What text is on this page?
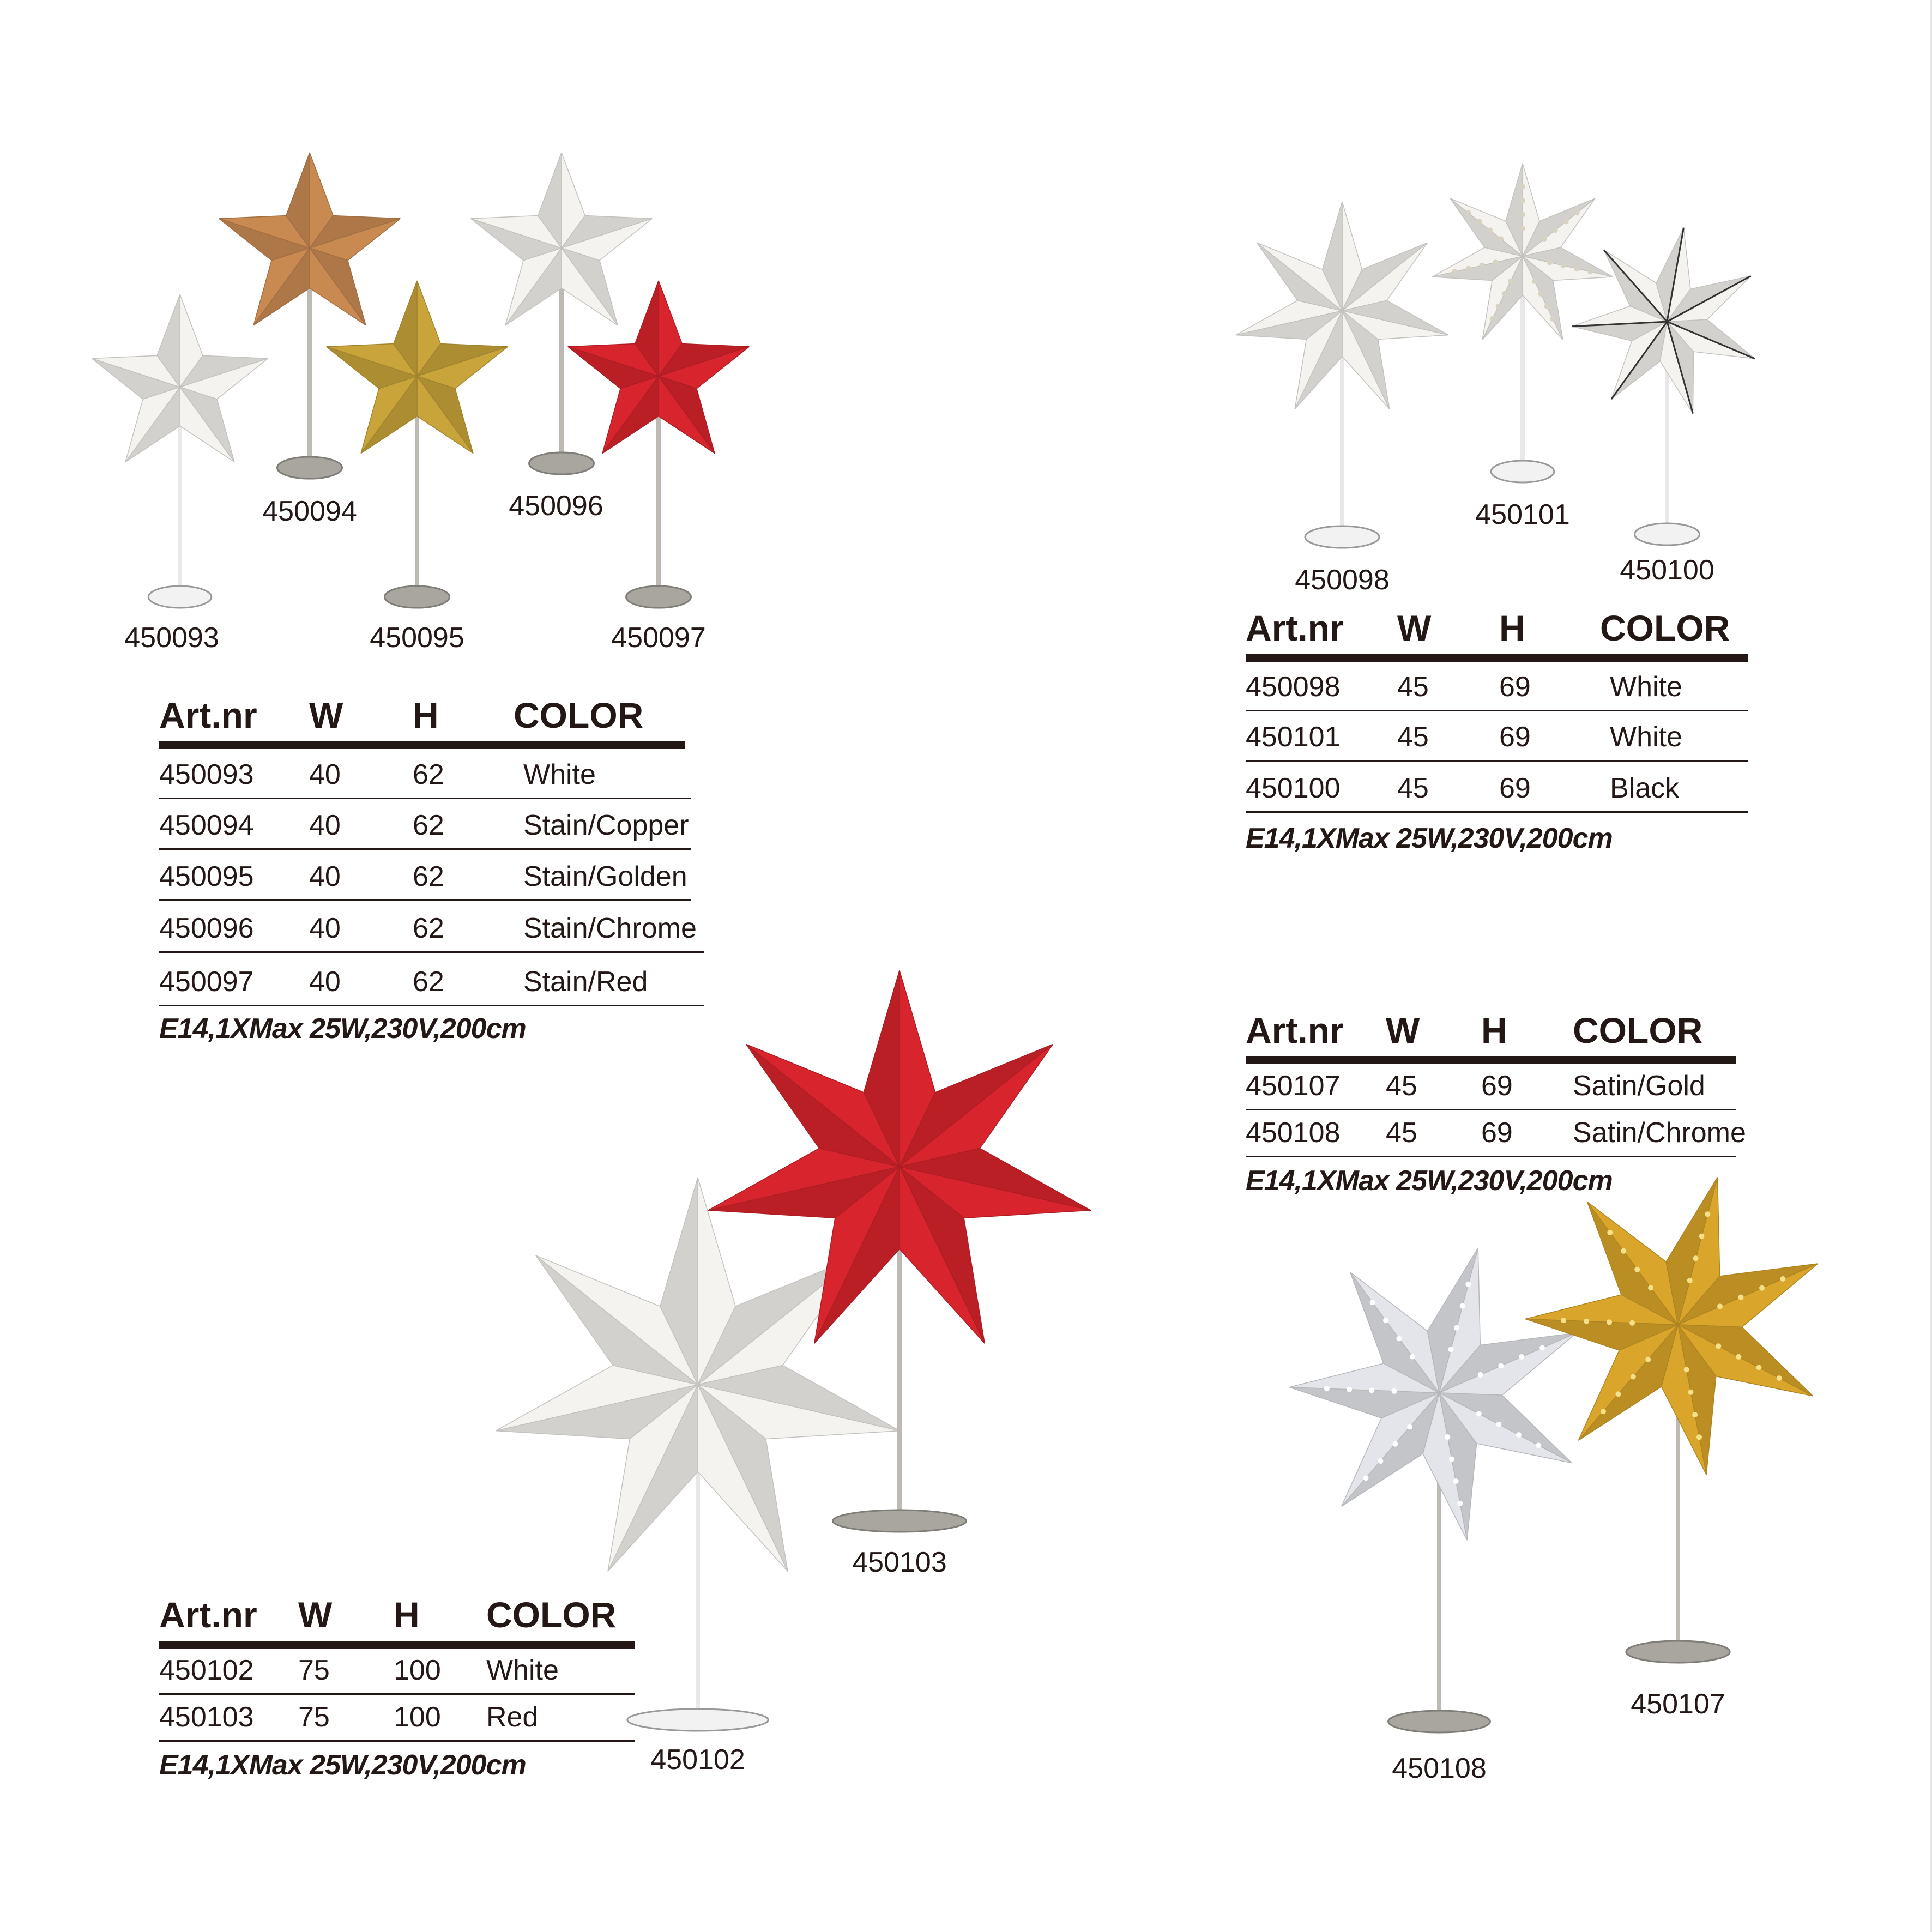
450093
450094
450095
450096
450097
450098
450101
450100
450107
450108
450102
450103
Art.nr W H COLOR
450093 40	62	White
450094 40	62	Stain/Copper
450095 40	62	Stain/Golden
450096 40	62	Stain/Chrome
450097 40	62	Stain/Red
E14,1XMax 25W,230V,200cm
Art.nr W H COLOR
450098 45 69	White
450101 45 69	White
450100 45 69	Black
E14,1XMax 25W,230V,200cm
Art.nr W H COLOR
450107 45 69 Satin/Gold
450108 45 69 Satin/Chrome
E14,1XMax 25W,230V,200cm
Art.nr W H COLOR
450102 75 100 White
450103 75 100 Red
E14,1XMax 25W,230V,200cm
